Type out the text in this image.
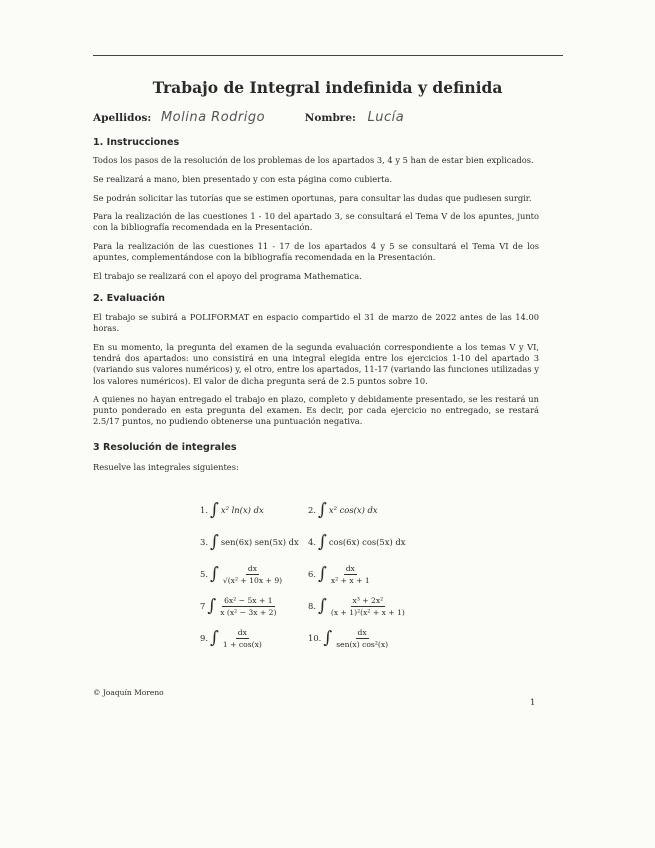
Trabajo de Integral indefinida y definida
Apellidos: Molina Rodrigo	Nombre: Lucía
1. Instrucciones

Todos los pasos de la resolución de los problemas de los apartados 3, 4 y 5 han de estar bien explicados.

Se realizará a mano, bien presentado y con esta página como cubierta.

Se podrán solicitar las tutorías que se estimen oportunas, para consultar las dudas que pudiesen surgir.

Para la realización de las cuestiones 1 - 10 del apartado 3, se consultará el Tema V de los apuntes, junto con la bibliografía recomendada en la Presentación.

Para la realización de las cuestiones 11 - 17 de los apartados 4 y 5 se consultará el Tema VI de los apuntes, complementándose con la bibliografía recomendada en la Presentación.

El trabajo se realizará con el apoyo del programa Mathematica.

2. Evaluación

El trabajo se subirá a POLIFORMAT en espacio compartido el 31 de marzo de 2022 antes de las 14.00 horas.

En su momento, la pregunta del examen de la segunda evaluación correspondiente a los temas V y VI, tendrá dos apartados: uno consistirá en una integral elegida entre los ejercicios 1-10 del apartado 3 (variando sus valores numéricos) y, el otro, entre los apartados, 11-17 (variando las funciones utilizadas y los valores numéricos). El valor de dicha pregunta será de 2.5 puntos sobre 10.

A quienes no hayan entregado el trabajo en plazo, completo y debidamente presentado, se les restará un punto ponderado en esta pregunta del examen. Es decir, por cada ejercicio no entregado, se restará 2.5/17 puntos, no pudiendo obtenerse una puntuación negativa.

3 Resolución de integrales

Resuelve las integrales siguientes:

1. ∫ x² ln(x) dx	2. ∫ x² cos(x) dx
3. ∫ sen(6x) sen(5x) dx 4. ∫ cos(6x) cos(5x) dx
5. ∫ $\frac{dx}{\text{√(x² + 10x + 9)}}$	6. ∫ $\frac{dx}{\text{x² + x + 1}}$
7 ∫ $\frac{\text{6x² − 5x + 1}}{\text{x (x² − 3x + 2)}}$	8. ∫ $\frac{\text{x³ + 2x²}}{\text{(x + 1)²(x² + x + 1)}}$
9. ∫ $\frac{dx}{1 + \cos(x)}$	10. ∫ $\frac{dx}{\text{sen(x) cos²(x)}}$
© Joaquín Moreno
1
